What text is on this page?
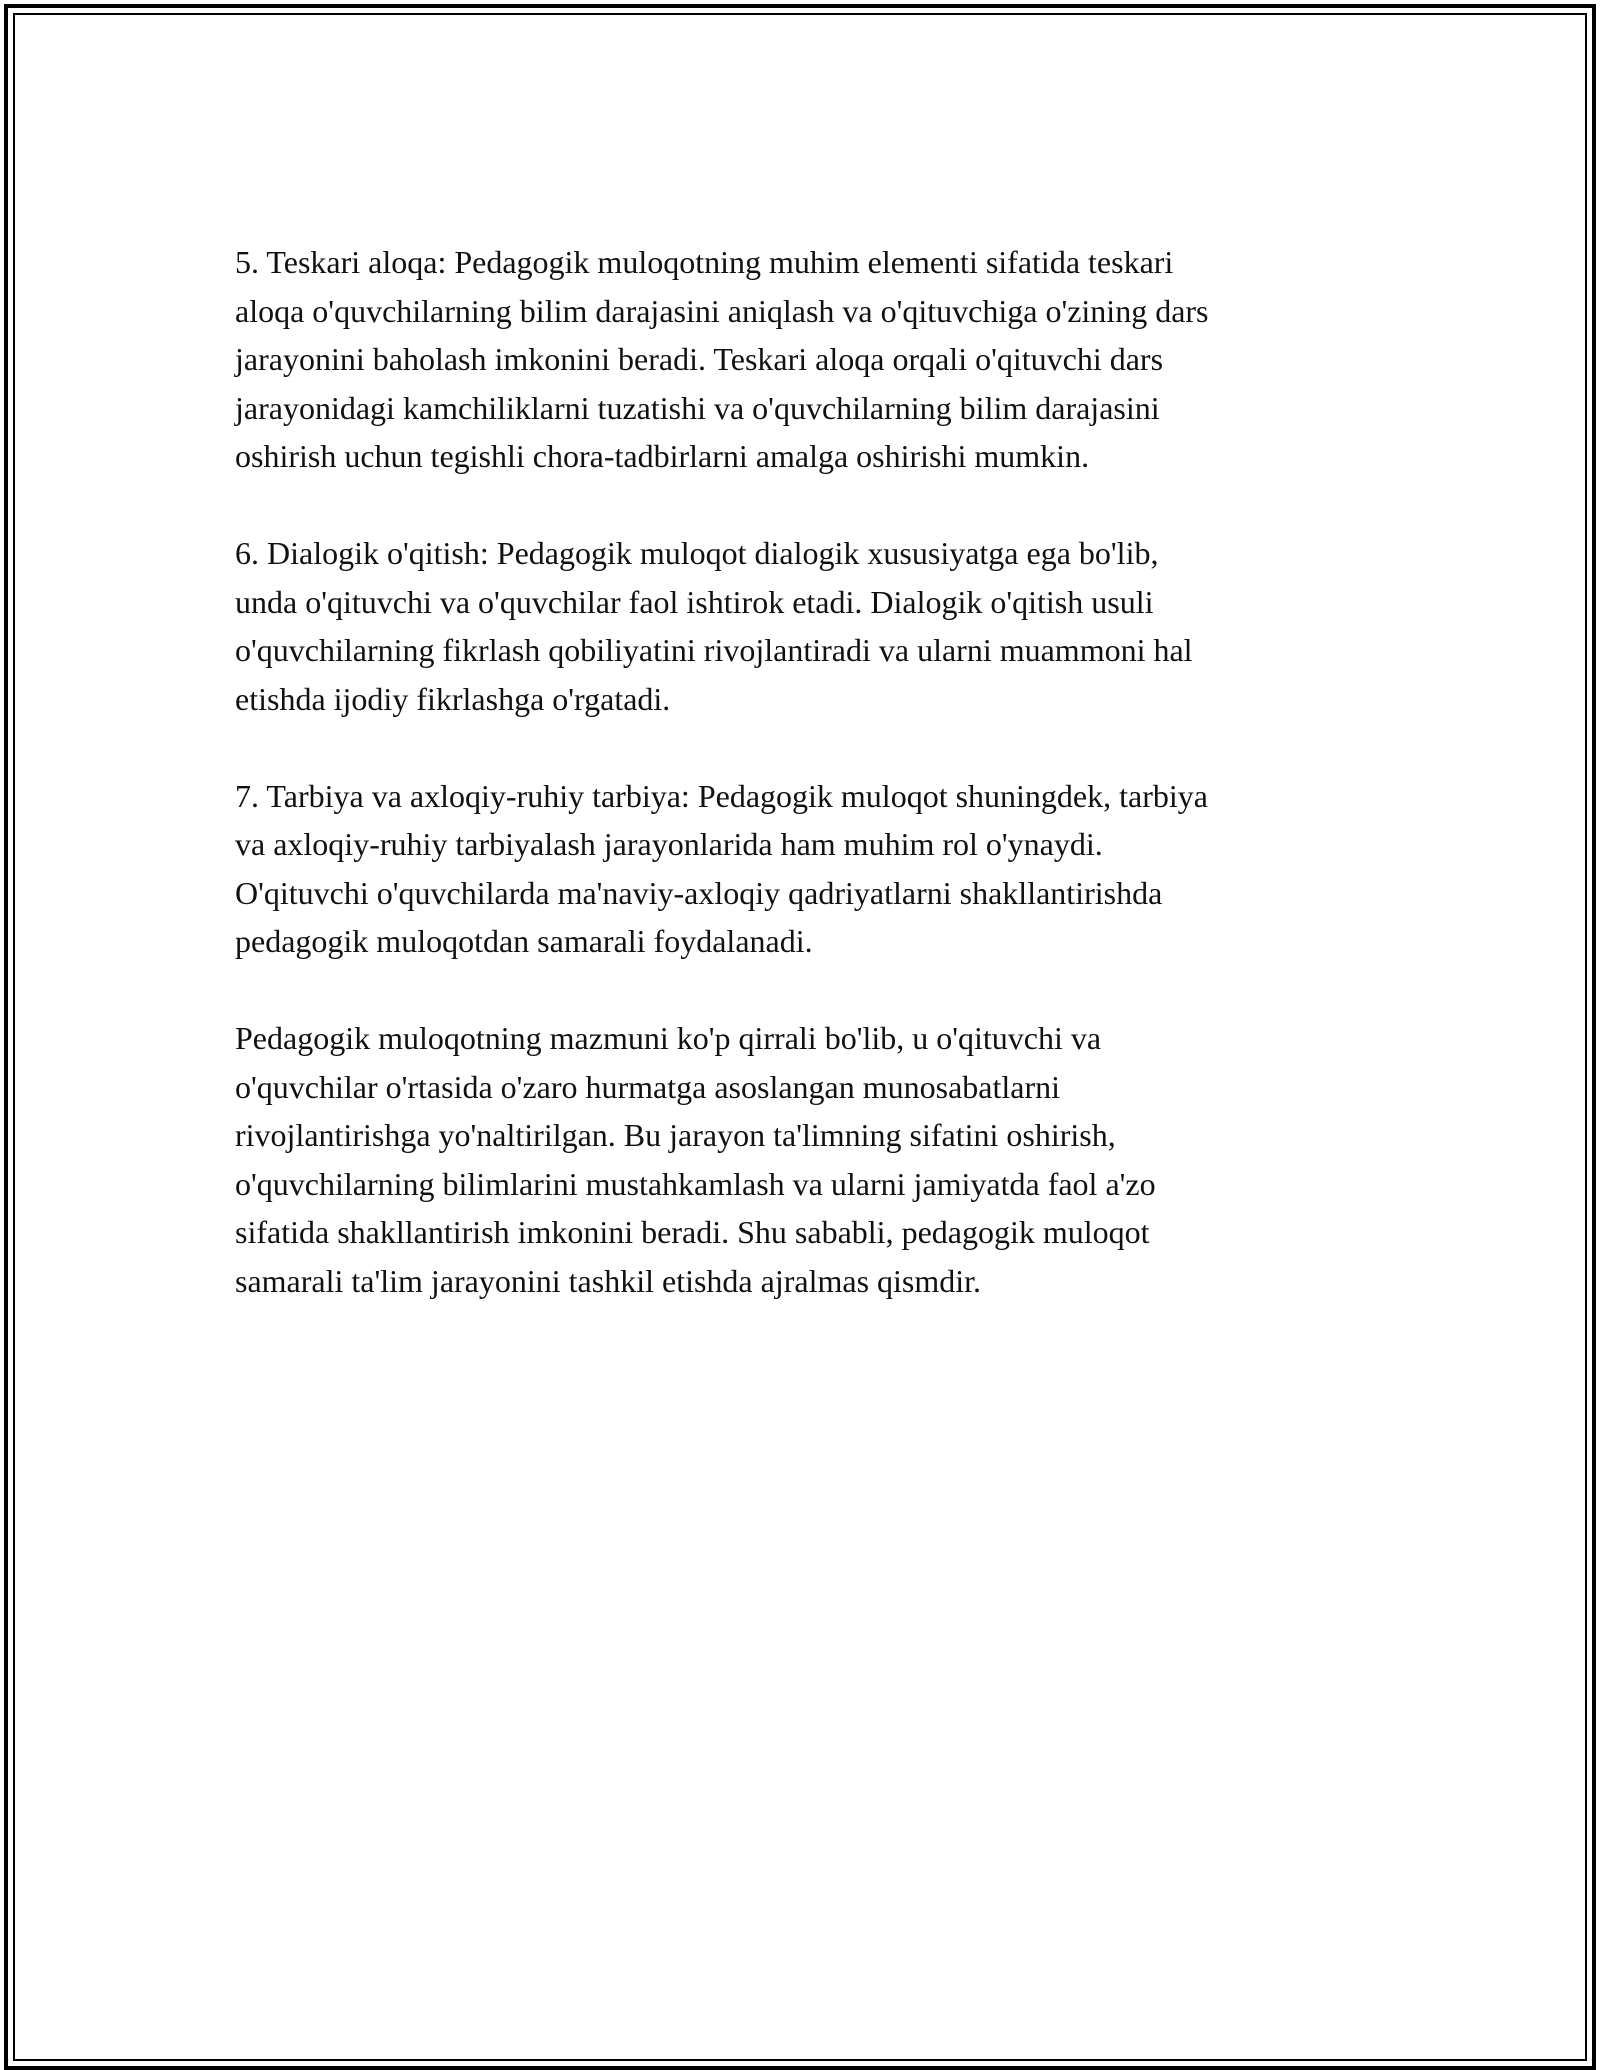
5. Teskari aloqa: Pedagogik muloqotning muhim elementi sifatida teskari
aloqa o'quvchilarning bilim darajasini aniqlash va o'qituvchiga o'zining dars
jarayonini baholash imkonini beradi. Teskari aloqa orqali o'qituvchi dars
jarayonidagi kamchiliklarni tuzatishi va o'quvchilarning bilim darajasini
oshirish uchun tegishli chora-tadbirlarni amalga oshirishi mumkin.

6. Dialogik o'qitish: Pedagogik muloqot dialogik xususiyatga ega bo'lib,
unda o'qituvchi va o'quvchilar faol ishtirok etadi. Dialogik o'qitish usuli
o'quvchilarning fikrlash qobiliyatini rivojlantiradi va ularni muammoni hal
etishda ijodiy fikrlashga o'rgatadi.

7. Tarbiya va axloqiy-ruhiy tarbiya: Pedagogik muloqot shuningdek, tarbiya
va axloqiy-ruhiy tarbiyalash jarayonlarida ham muhim rol o'ynaydi.
O'qituvchi o'quvchilarda ma'naviy-axloqiy qadriyatlarni shakllantirishda
pedagogik muloqotdan samarali foydalanadi.

Pedagogik muloqotning mazmuni ko'p qirrali bo'lib, u o'qituvchi va
o'quvchilar o'rtasida o'zaro hurmatga asoslangan munosabatlarni
rivojlantirishga yo'naltirilgan. Bu jarayon ta'limning sifatini oshirish,
o'quvchilarning bilimlarini mustahkamlash va ularni jamiyatda faol a'zo
sifatida shakllantirish imkonini beradi. Shu sababli, pedagogik muloqot
samarali ta'lim jarayonini tashkil etishda ajralmas qismdir.
